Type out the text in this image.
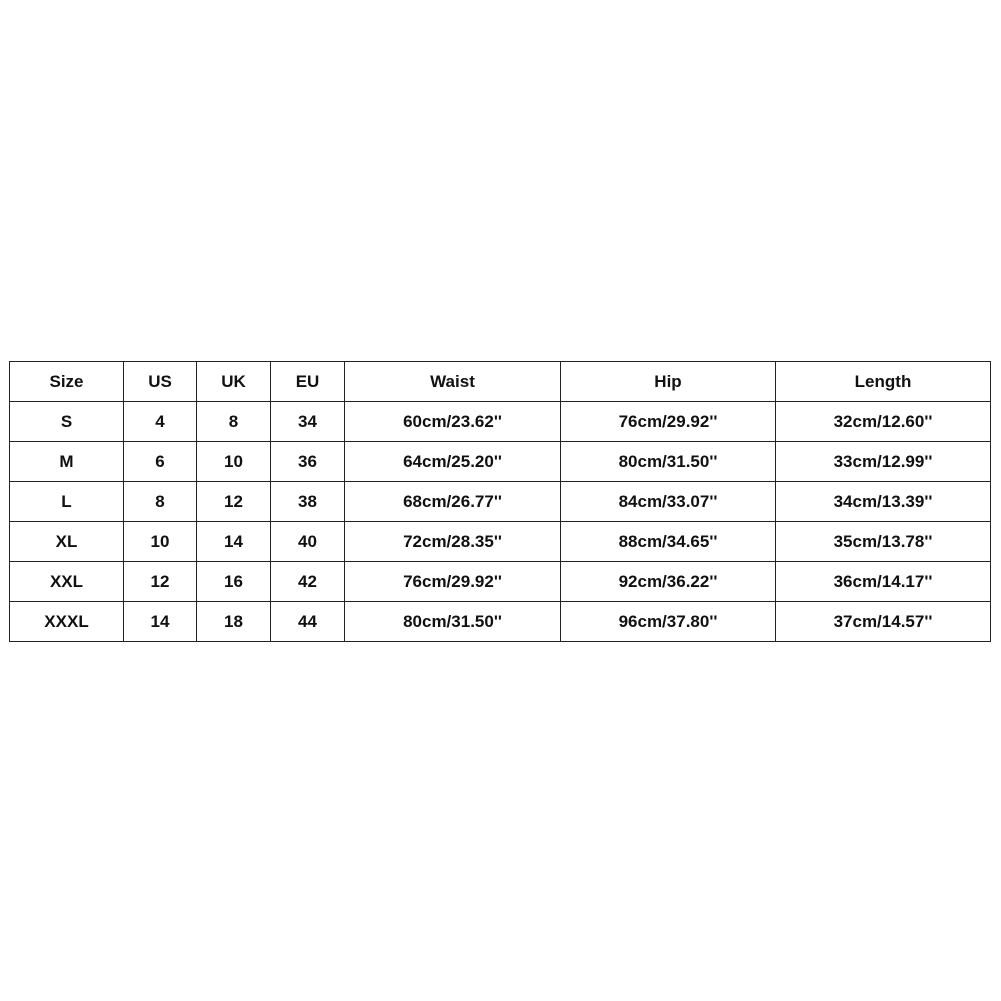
Size	US	UK	EU	Waist	Hip	Length
S	4	8	34	60cm/23.62''	76cm/29.92''	32cm/12.60''
M	6	10	36	64cm/25.20''	80cm/31.50''	33cm/12.99''
L	8	12	38	68cm/26.77''	84cm/33.07''	34cm/13.39''
XL	10	14	40	72cm/28.35''	88cm/34.65''	35cm/13.78''
XXL	12	16	42	76cm/29.92''	92cm/36.22''	36cm/14.17''
XXXL	14	18	44	80cm/31.50''	96cm/37.80''	37cm/14.57''
